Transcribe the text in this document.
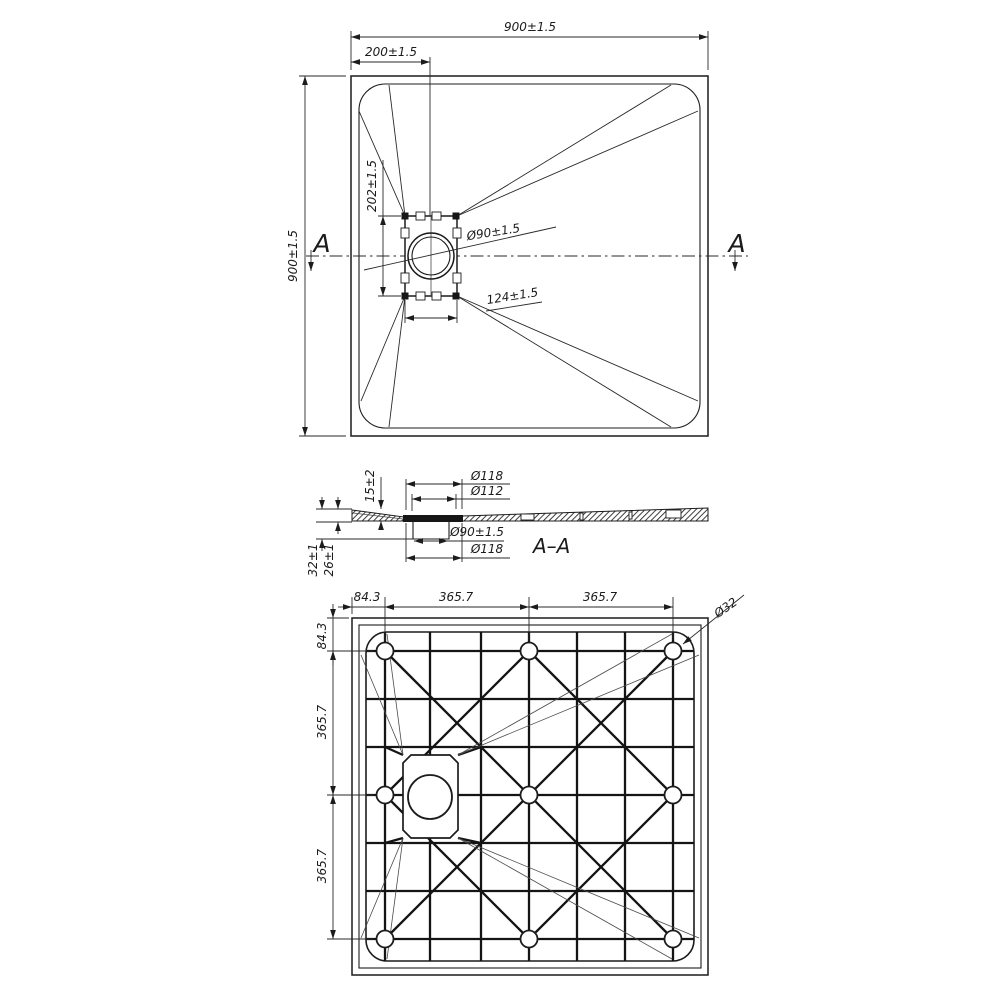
900±1.5
200±1.5
900±1.5
202±1.5
Ø90±1.5
124±1.5
A	A
15±2	Ø118
Ø112
Ø90±1.5
Ø118
32±1 26±1	A–A
84.3	365.7	365.7
84.3
365.7
365.7
Ø32
